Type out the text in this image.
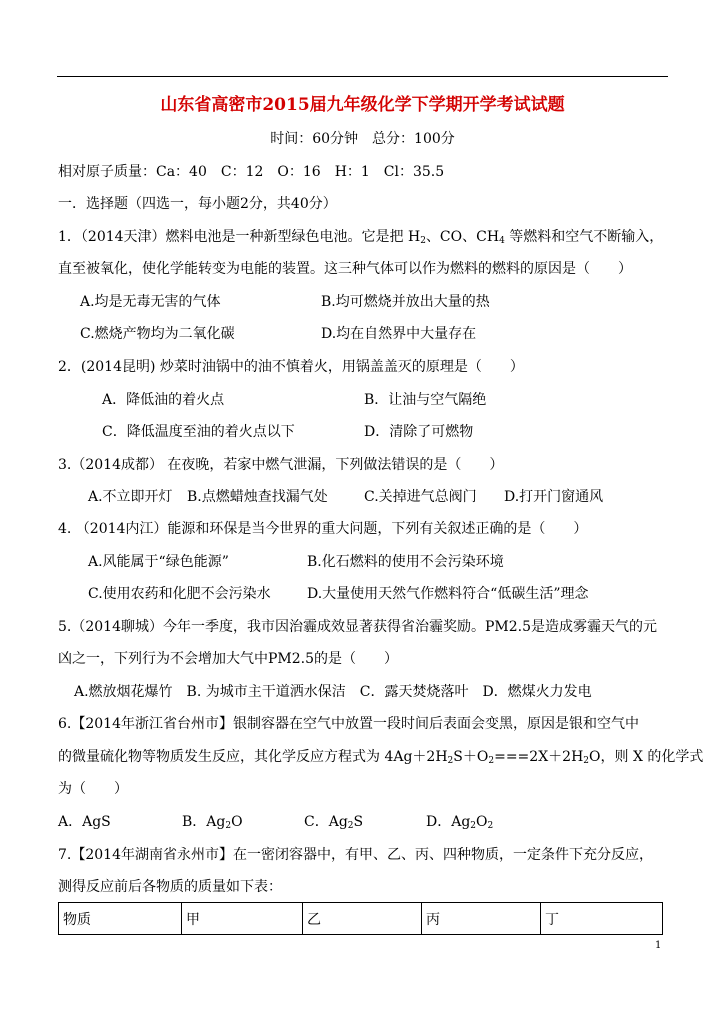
山东省高密市2015届九年级化学下学期开学考试试题
时间：60分钟　总分：100分
相对原子质量：Ca：40　C：12　O：16　H：1　Cl：35.5
一．选择题（四选一，每小题2分，共40分）
1．（2014天津）燃料电池是一种新型绿色电池。它是把 $H_2$、CO、$CH_4$ 等燃料和空气不断输入，
直至被氧化，使化学能转变为电能的装置。这三种气体可以作为燃料的燃料的原因是（　　）
A.均是无毒无害的气体	B.均可燃烧并放出大量的热
C.燃烧产物均为二氧化碳	D.均在自然界中大量存在
2．(2014昆明) 炒菜时油锅中的油不慎着火，用锅盖盖灭的原理是（　　）
A．降低油的着火点	B．让油与空气隔绝
C．降低温度至油的着火点以下	D．清除了可燃物
3.（2014成都） 在夜晚，若家中燃气泄漏，下列做法错误的是（　　）
A.不立即开灯 B.点燃蜡烛查找漏气处	C.关掉进气总阀门 D.打开门窗通风
4. （2014内江）能源和环保是当今世界的重大问题，下列有关叙述正确的是（　　）
A.风能属于“绿色能源”	B.化石燃料的使用不会污染环境
C.使用农药和化肥不会污染水	D.大量使用天然气作燃料符合“低碳生活”理念
5.（2014聊城）今年一季度，我市因治霾成效显著获得省治霾奖励。PM2.5是造成雾霾天气的元
凶之一，下列行为不会增加大气中PM2.5的是（　　）
A.燃放烟花爆竹　B. 为城市主干道洒水保洁　C．露天焚烧落叶　D．燃煤火力发电
6.【2014年浙江省台州市】银制容器在空气中放置一段时间后表面会变黑，原因是银和空气中
的微量硫化物等物质发生反应，其化学反应方程式为 $4Ag+2H_2S+O_2===2X+2H_2O$，则 X 的化学式
为（　　）
A．AgS	B．$Ag_2O$	C．$Ag_2S$	D．$Ag_2O_2$
7.【2014年湖南省永州市】在一密闭容器中，有甲、乙、丙、四种物质，一定条件下充分反应，
测得反应前后各物质的质量如下表：
物质	甲	乙	丙	丁
1
